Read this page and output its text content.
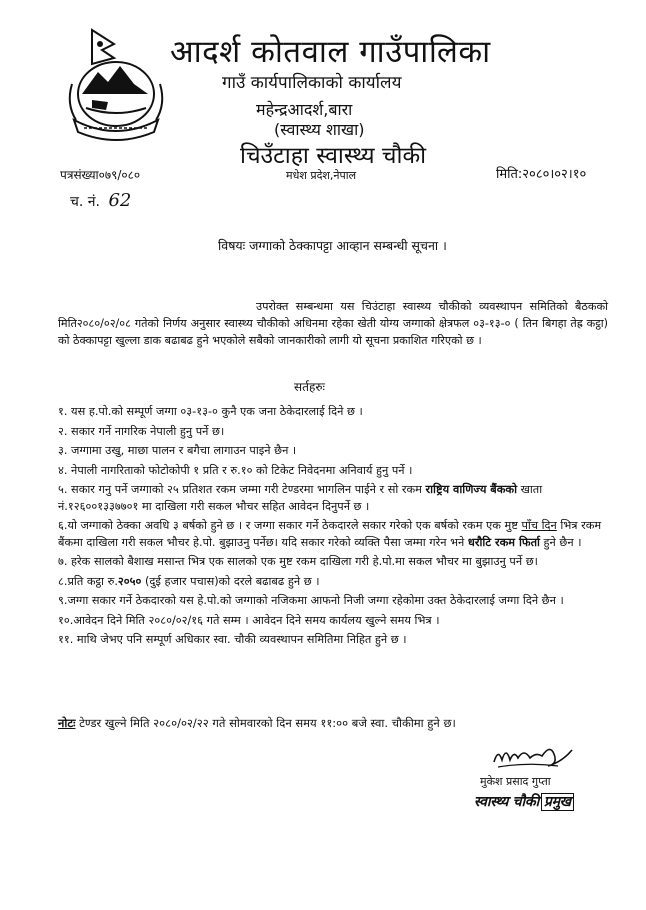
आदर्श कोतवाल गाउँपालिका
गाउँ कार्यपालिकाको कार्यालय
महेन्द्रआदर्श,बारा
(स्वास्थ्य शाखा)
चिउँटाहा स्वास्थ्य चौकी
मधेश प्रदेश,नेपाल
पत्रसंख्या०७९/०८०	मिति:२०८०।०२।१०
च. नं. 62
विषयः जग्गाको ठेक्कापट्टा आव्हान सम्बन्धी सूचना ।
उपरोक्त सम्बन्धमा यस चिउंटाहा स्वास्थ्य चौकीको व्यवस्थापन समितिको बैठकको मिति२०८०/०२/०८ गतेको निर्णय अनुसार स्वास्थ्य चौकीको अधिनमा रहेका खेती योग्य जग्गाको क्षेत्रफल ०३-१३-० ( तिन बिगहा तेह्र कट्ठा) को ठेक्कापट्टा खुल्ला डाक बढाबढ हुने भएकोले सबैको जानकारीको लागी यो सूचना प्रकाशित गरिएको छ ।
सर्तहरुः
१. यस ह.पो.को सम्पूर्ण जग्गा ०३-१३-० कुनै एक जना ठेकेदारलाई दिने छ ।
२. सकार गर्ने नागरिक नेपाली हुनु पर्ने छ।
३. जग्गामा उखु, माछा पालन र बगैचा लागाउन पाइने छैन ।
४. नेपाली नागरिताको फोटोकोपी १ प्रति र रु.१० को टिकेट निवेदनमा अनिवार्य हुनु पर्ने ।
५. सकार गनु पर्ने जग्गाको २५ प्रतिशत रकम जम्मा गरी टेण्डरमा भागलिन पाईने र सो रकम राष्ट्रिय वाणिज्य बैंकको खाता नं.१२६००१३३७७०१ मा दाखिला गरी सकल भौचर सहित आवेदन दिनुपर्ने छ ।
६.यो जग्गाको ठेक्का अवधि ३ बर्षको हुने छ । र जग्गा सकार गर्ने ठेकदारले सकार गरेको एक बर्षको रकम एक मुष्ट पाँच दिन भित्र रकम बैंकमा दाखिला गरी सकल भौचर हे.पो. बुझाउनु पर्नेछ। यदि सकार गरेको व्यक्ति पैसा जम्मा गरेन भने धरौटि रकम फिर्ता हुने छैन ।
७. हरेक सालको बैशाख मसान्त भित्र एक सालको एक मुष्ट रकम दाखिला गरी हे.पो.मा सकल भौचर मा बुझाउनु पर्ने छ।
८.प्रति कट्ठा रु.२०५० (दुई हजार पचास)को दरले बढाबढ हुने छ ।
९.जग्गा सकार गर्ने ठेकदारको यस हे.पो.को जग्गाको नजिकमा आफनो निजी जग्गा रहेकोमा उक्त ठेकेदारलाई जग्गा दिने छैन ।
१०.आवेदन दिने मिति २०८०/०२/१६ गते सम्म । आवेदन दिने समय कार्यलय खुल्ने समय भित्र ।
११. माथि जेभए पनि सम्पूर्ण अधिकार स्वा. चौकी व्यवस्थापन समितिमा निहित हुने छ ।
नोटः टेण्डर खुल्ने मिति २०८०/०२/२२ गते सोमवारको दिन समय ११:०० बजे स्वा. चौकीमा हुने छ।
मुकेश प्रसाद गुप्ता
स्वास्थ्य चौकी प्रमुख
